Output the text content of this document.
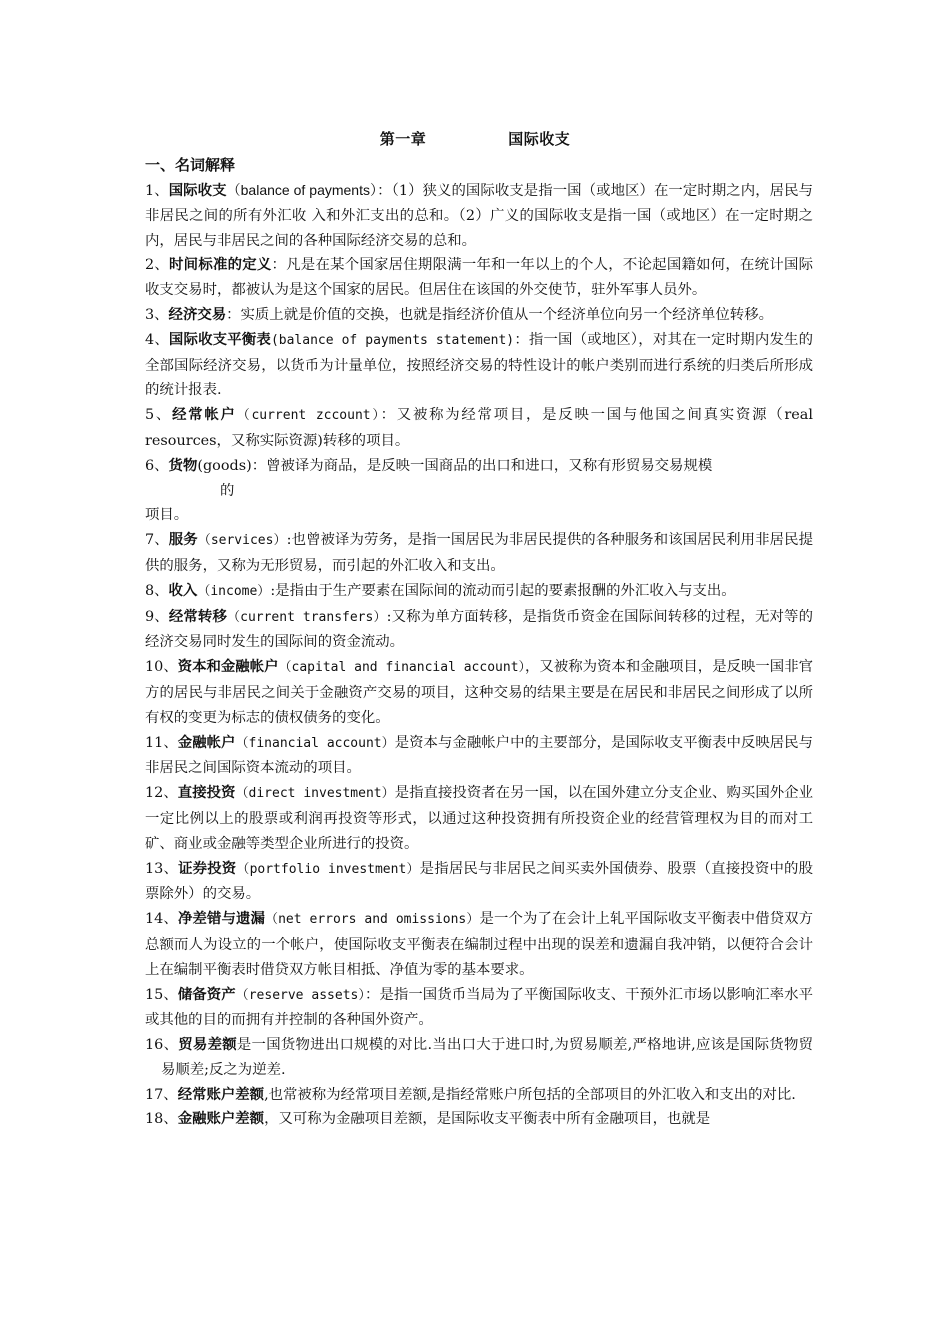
第一章	国际收支
一、名词解释

1、国际收支（balance of payments）：（1）狭义的国际收支是指一国（或地区）在一定时期之内，居民与非居民之间的所有外汇收 入和外汇支出的总和。（2）广义的国际收支是指一国（或地区）在一定时期之内，居民与非居民之间的各种国际经济交易的总和。

2、时间标准的定义：凡是在某个国家居住期限满一年和一年以上的个人，不论起国籍如何，在统计国际收支交易时，都被认为是这个国家的居民。但居住在该国的外交使节，驻外军事人员外。

3、经济交易：实质上就是价值的交换，也就是指经济价值从一个经济单位向另一个经济单位转移。

4、国际收支平衡表(balance of payments statement)：指一国（或地区），对其在一定时期内发生的全部国际经济交易，以货币为计量单位，按照经济交易的特性设计的帐户类别而进行系统的归类后所形成的统计报表.

5、经常帐户（current zccount）：又被称为经常项目，是反映一国与他国之间真实资源（real resources，又称实际资源)转移的项目。

6、货物(goods)：曾被译为商品，是反映一国商品的出口和进口，又称有形贸易交易规模
的
项目。

7、服务（services）:也曾被译为劳务，是指一国居民为非居民提供的各种服务和该国居民利用非居民提供的服务，又称为无形贸易，而引起的外汇收入和支出。

8、收入（income）:是指由于生产要素在国际间的流动而引起的要素报酬的外汇收入与支出。

9、经常转移（current transfers）:又称为单方面转移，是指货币资金在国际间转移的过程，无对等的经济交易同时发生的国际间的资金流动。

10、资本和金融帐户（capital and financial account），又被称为资本和金融项目，是反映一国非官方的居民与非居民之间关于金融资产交易的项目，这种交易的结果主要是在居民和非居民之间形成了以所有权的变更为标志的债权债务的变化。

11、金融帐户（financial account）是资本与金融帐户中的主要部分，是国际收支平衡表中反映居民与非居民之间国际资本流动的项目。

12、直接投资（direct investment）是指直接投资者在另一国，以在国外建立分支企业、购买国外企业一定比例以上的股票或利润再投资等形式，以通过这种投资拥有所投资企业的经营管理权为目的而对工矿、商业或金融等类型企业所进行的投资。

13、证券投资（portfolio investment）是指居民与非居民之间买卖外国债券、股票（直接投资中的股票除外）的交易。

14、净差错与遗漏（net errors and omissions）是一个为了在会计上轧平国际收支平衡表中借贷双方总额而人为设立的一个帐户，使国际收支平衡表在编制过程中出现的误差和遗漏自我冲销，以便符合会计上在编制平衡表时借贷双方帐目相抵、净值为零的基本要求。

15、储备资产（reserve assets）：是指一国货币当局为了平衡国际收支、干预外汇市场以影响汇率水平或其他的目的而拥有并控制的各种国外资产。

16、贸易差额是一国货物进出口规模的对比.当出口大于进口时,为贸易顺差,严格地讲,应该是国际货物贸易顺差;反之为逆差.

17、经常账户差额,也常被称为经常项目差额,是指经常账户所包括的全部项目的外汇收入和支出的对比.

18、金融账户差额，又可称为金融项目差额，是国际收支平衡表中所有金融项目，也就是
